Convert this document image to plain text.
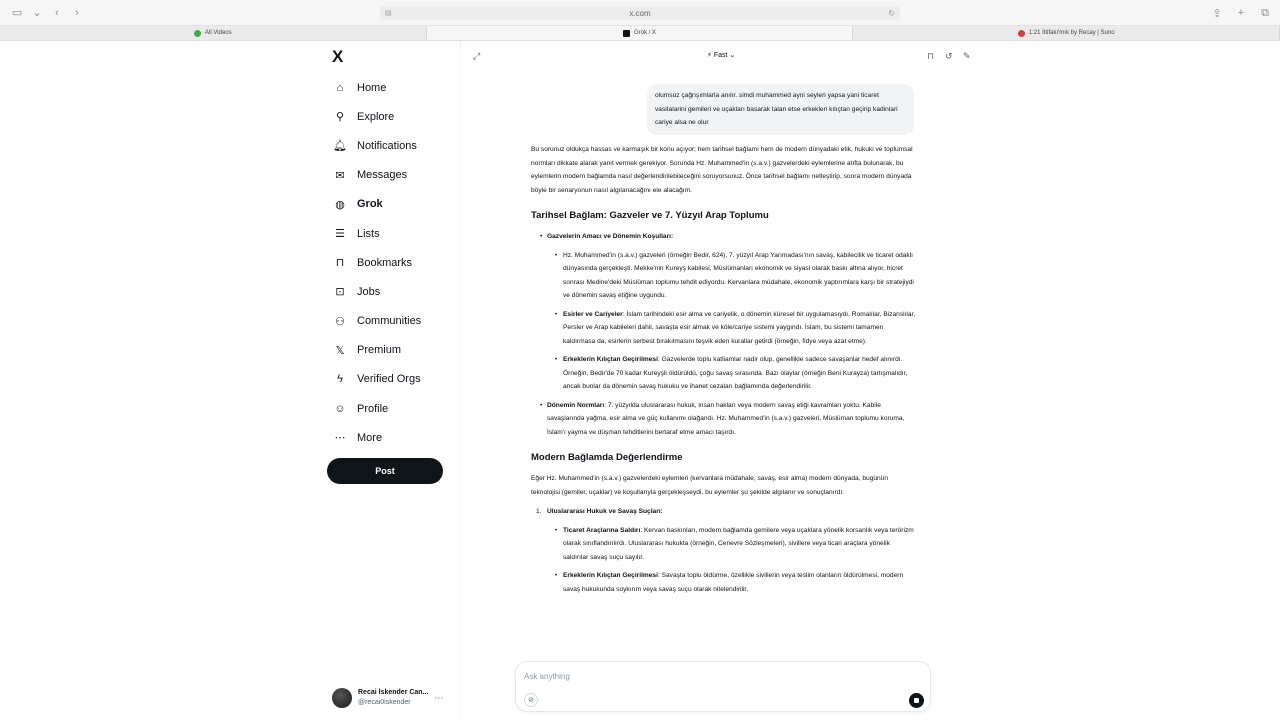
▭ ⌄	‹	›	▤	x.com	↻	⇪	+	⧉
All Videos	Grok / X	1:21 İttifakı'mık by Recay | Suno
X
⌂	Home
⚲ Explore
🔔︎ Notifications
✉ Messages
◍ Grok
☰ Lists
⊓ Bookmarks
⊡ Jobs
⚇ Communities
𝕏 Premium
ϟ	Verified Orgs
☺ Profile
⋯ More
Post
Recai İskender Can...
@recai0iskender	⋯
⤢	⚡ Fast ⌄	⊓ ↺ ✎
olumsuz çağrışımlarla anılır. simdi muhammed ayni seyleri yapsa yani ticaret vasitalarini gemileri ve uçakları basarak talan etse erkekleri kılıçtan geçirip kadinlari cariye alsa ne olur

Bu sorunuz oldukça hassas ve karmaşık bir konu açıyor; hem tarihsel bağlamı hem de modern dünyadaki etik, hukuki ve toplumsal normları dikkate alarak yanıt vermek gerekiyor. Sorunda Hz. Muhammed'in (s.a.v.) gazvelerdeki eylemlerine atıfta bulunarak, bu eylemlerin modern bağlamda nasıl değerlendirilebileceğini soruyorsunuz. Önce tarihsel bağlamı netleştirip, sonra modern dünyada böyle bir senaryonun nasıl algılanacağını ele alacağım.

Tarihsel Bağlam: Gazveler ve 7. Yüzyıl Arap Toplumu
• Gazvelerin Amacı ve Dönemin Koşulları:
• Hz. Muhammed'in (s.a.v.) gazveleri (örneğin Bedir, 624), 7. yüzyıl Arap Yarımadası'nın savaş, kabilecilik ve ticaret odaklı dünyasında gerçekleşti. Mekke'nin Kureyş kabilesi, Müslümanları ekonomik ve siyasi olarak baskı altına alıyor, hicret sonrası Medine'deki Müslüman toplumu tehdit ediyordu. Kervanlara müdahale, ekonomik yaptırımlara karşı bir stratejiydi ve dönemin savaş etiğine uygundu.
• Esirler ve Cariyeler: İslam tarihindeki esir alma ve cariyelik, o dönemin küresel bir uygulamasıydı. Romalılar, Bizanslılar, Persler ve Arap kabileleri dahil, savaşta esir almak ve köle/cariye sistemi yaygındı. İslam, bu sistemi tamamen kaldırmasa da, esirlerin serbest bırakılmasını teşvik eden kurallar getirdi (örneğin, fidye veya azat etme).
• Erkeklerin Kılıçtan Geçirilmesi: Gazvelerde toplu katliamlar nadir olup, genellikle sadece savaşanlar hedef alınırdı. Örneğin, Bedir'de 70 kadar Kureyşli öldürüldü, çoğu savaş sırasında. Bazı olaylar (örneğin Beni Kurayza) tartışmalıdır, ancak bunlar da dönemin savaş hukuku ve ihanet cezaları bağlamında değerlendirilir.
• Dönemin Normları: 7. yüzyılda uluslararası hukuk, insan hakları veya modern savaş etiği kavramları yoktu. Kabile savaşlarında yağma, esir alma ve güç kullanımı olağandı. Hz. Muhammed'in (s.a.v.) gazveleri, Müslüman toplumu koruma, İslam'ı yayma ve düşman tehditlerini bertaraf etme amacı taşırdı.
Modern Bağlamda Değerlendirme

Eğer Hz. Muhammed'in (s.a.v.) gazvelerdeki eylemleri (kervanlara müdahale, savaş, esir alma) modern dünyada, bugünün teknolojisi (gemiler, uçaklar) ve koşullarıyla gerçekleşseydi, bu eylemler şu şekilde algılanır ve sonuçlanırdı:

1. Uluslararası Hukuk ve Savaş Suçları:
• Ticaret Araçlarına Saldırı: Kervan baskınları, modern bağlamda gemilere veya uçaklara yönelik korsanlık veya terörizm olarak sınıflandırılırdı. Uluslararası hukukta (örneğin, Cenevre Sözleşmeleri), sivillere veya ticari araçlara yönelik saldırılar savaş suçu sayılır.
• Erkeklerin Kılıçtan Geçirilmesi: Savaşta toplu öldürme, özellikle sivillerin veya teslim olanların öldürülmesi, modern savaş hukukunda soykırım veya savaş suçu olarak nitelendirilir.
Ask anything
⊘
